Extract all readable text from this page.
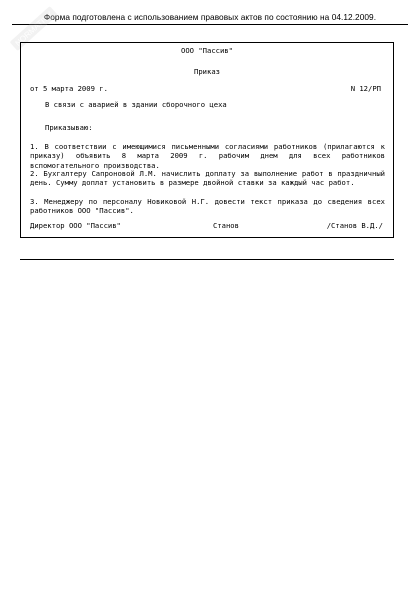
Форма подготовлена с использованием правовых актов по состоянию на 04.12.2009.
NORMATIVY
ООО "Пассив"
Приказ
от 5 марта 2009 г.	N 12/РП
В связи с аварией в здании сборочного цеха
Приказываю:
1. В соответствии с имеющимися письменными согласиями работников (прилагаются к приказу) объявить 8 марта 2009 г. рабочим днем для всех работников вспомогательного производства.
2. Бухгалтеру Сапроновой Л.М. начислить доплату за выполнение работ в праздничный день. Сумму доплат установить в размере двойной ставки за каждый час работ.
3. Менеджеру по персоналу Новиковой Н.Г. довести текст приказа до сведения всех работников ООО "Пассив".
Директор ООО "Пассив"	Станов	/Станов В.Д./
